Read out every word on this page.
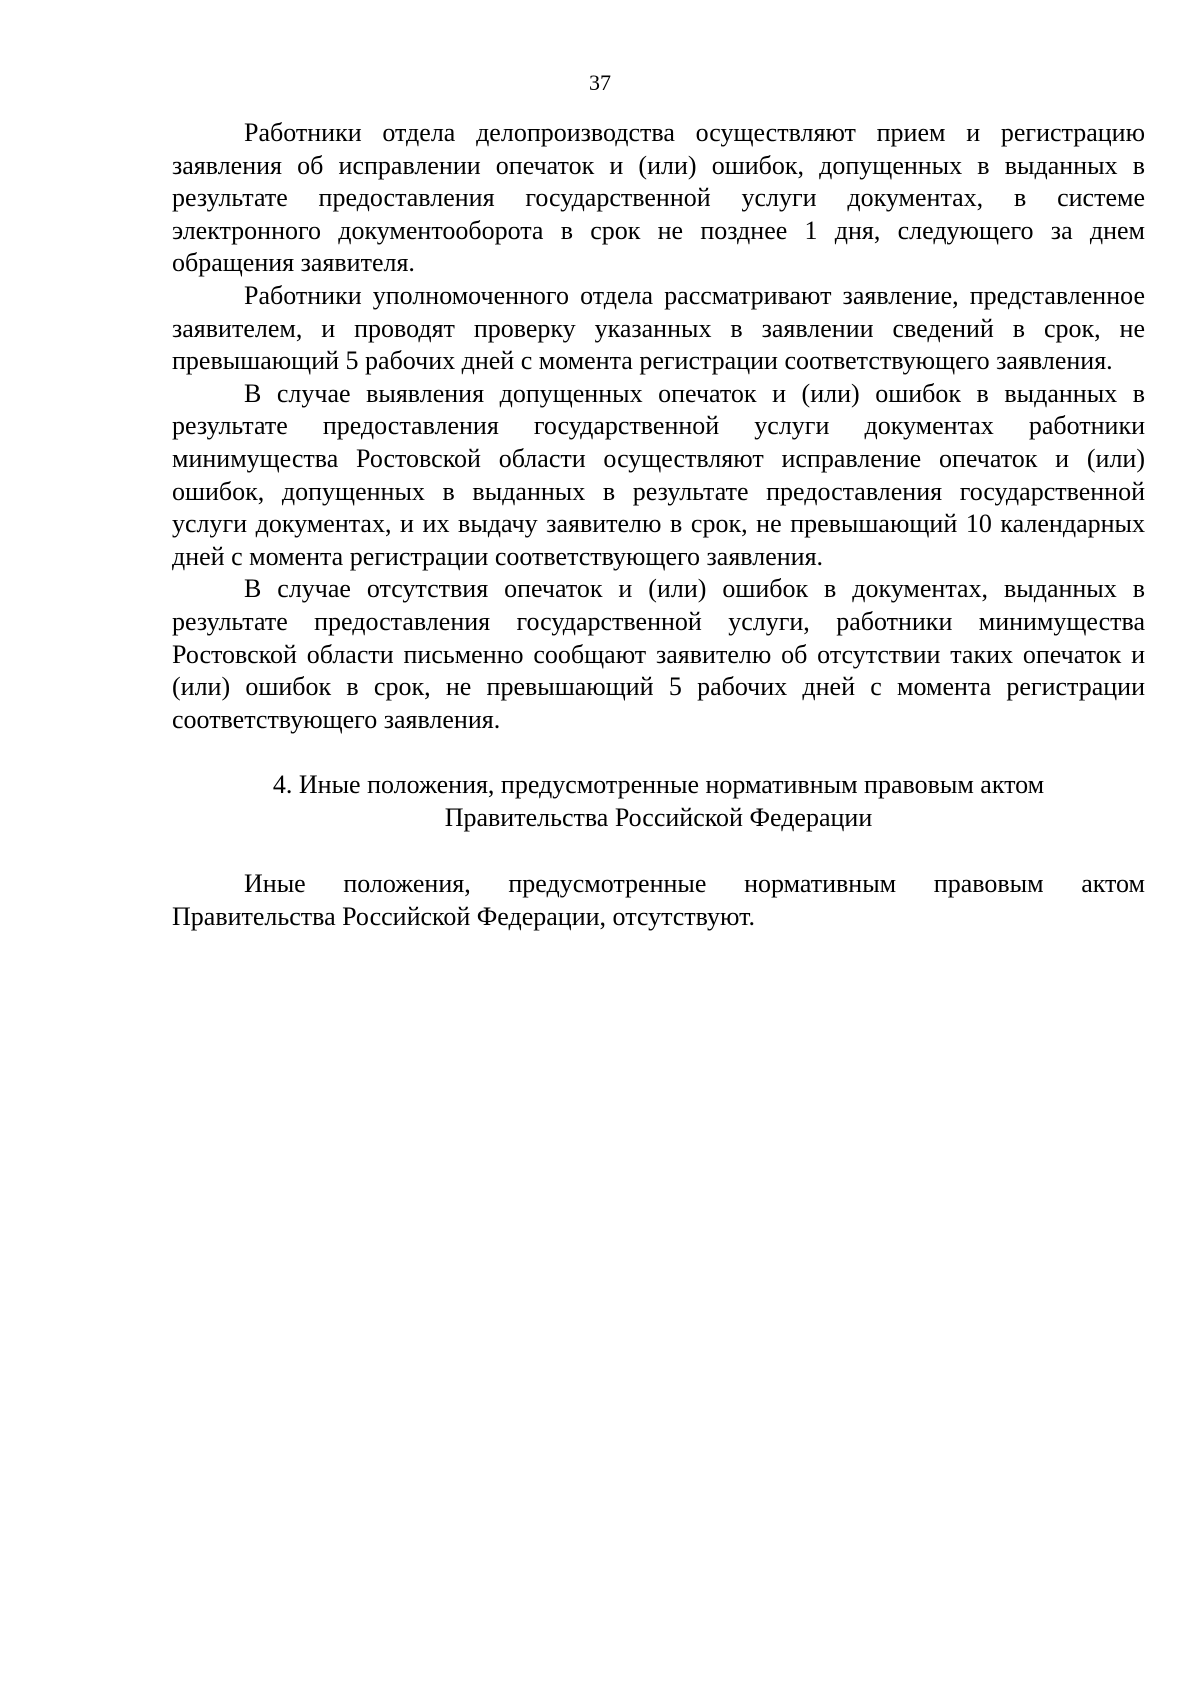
37

Работники отдела делопроизводства осуществляют прием и регистрацию заявления об исправлении опечаток и (или) ошибок, допущенных в выданных в результате предоставления государственной услуги документах, в системе электронного документооборота в срок не позднее 1 дня, следующего за днем обращения заявителя.

Работники уполномоченного отдела рассматривают заявление, представленное заявителем, и проводят проверку указанных в заявлении сведений в срок, не превышающий 5 рабочих дней с момента регистрации соответствующего заявления.

В случае выявления допущенных опечаток и (или) ошибок в выданных в результате предоставления государственной услуги документах работники минимущества Ростовской области осуществляют исправление опечаток и (или) ошибок, допущенных в выданных в результате предоставления государственной услуги документах, и их выдачу заявителю в срок, не превышающий 10 календарных дней с момента регистрации соответствующего заявления.

В случае отсутствия опечаток и (или) ошибок в документах, выданных в результате предоставления государственной услуги, работники минимущества Ростовской области письменно сообщают заявителю об отсутствии таких опечаток и (или) ошибок в срок, не превышающий 5 рабочих дней с момента регистрации соответствующего заявления.

4. Иные положения, предусмотренные нормативным правовым актом
Правительства Российской Федерации

Иные положения, предусмотренные нормативным правовым актом Правительства Российской Федерации, отсутствуют.
